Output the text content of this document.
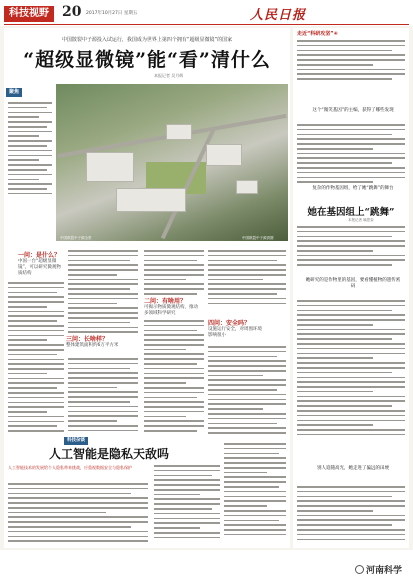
科技视野 20 2017年10月27日 星期五	人民日报
中国散裂中子源投入试运行，我国成为世界上第四个拥有“超级显微镜”的国家
“超级显微镜”能“看”清什么
本报记者 吴月辉
聚焦
中国散裂中子源全景	中国散裂中子源供图
一问：是什么？
中国一台“超级显微镜”，可以研究微观物质结构
二问：有啥用？
可揭示物质微观结构，推动多领域科学研究
三问：长啥样？
整体建筑面积约6万平方米
四问：安全吗？
设施运行安全，对周围环境影响很小
科技杂谈
人工智能是隐私天敌吗
人工智能技术的发展给个人隐私带来挑战，应重视数据安全与隐私保护
走近“科研攻坚”④
这个“微笑基因”的主编，获得了哪些发现
复杂的作物基因组，给了她“跳舞”的舞台
她在基因组上“跳舞”
本报记者 喻思娈
她研究的是作物里的基因，要看懂植物的遗传密码
别人追随高光，她走进了偏远的田埂
河南科学
